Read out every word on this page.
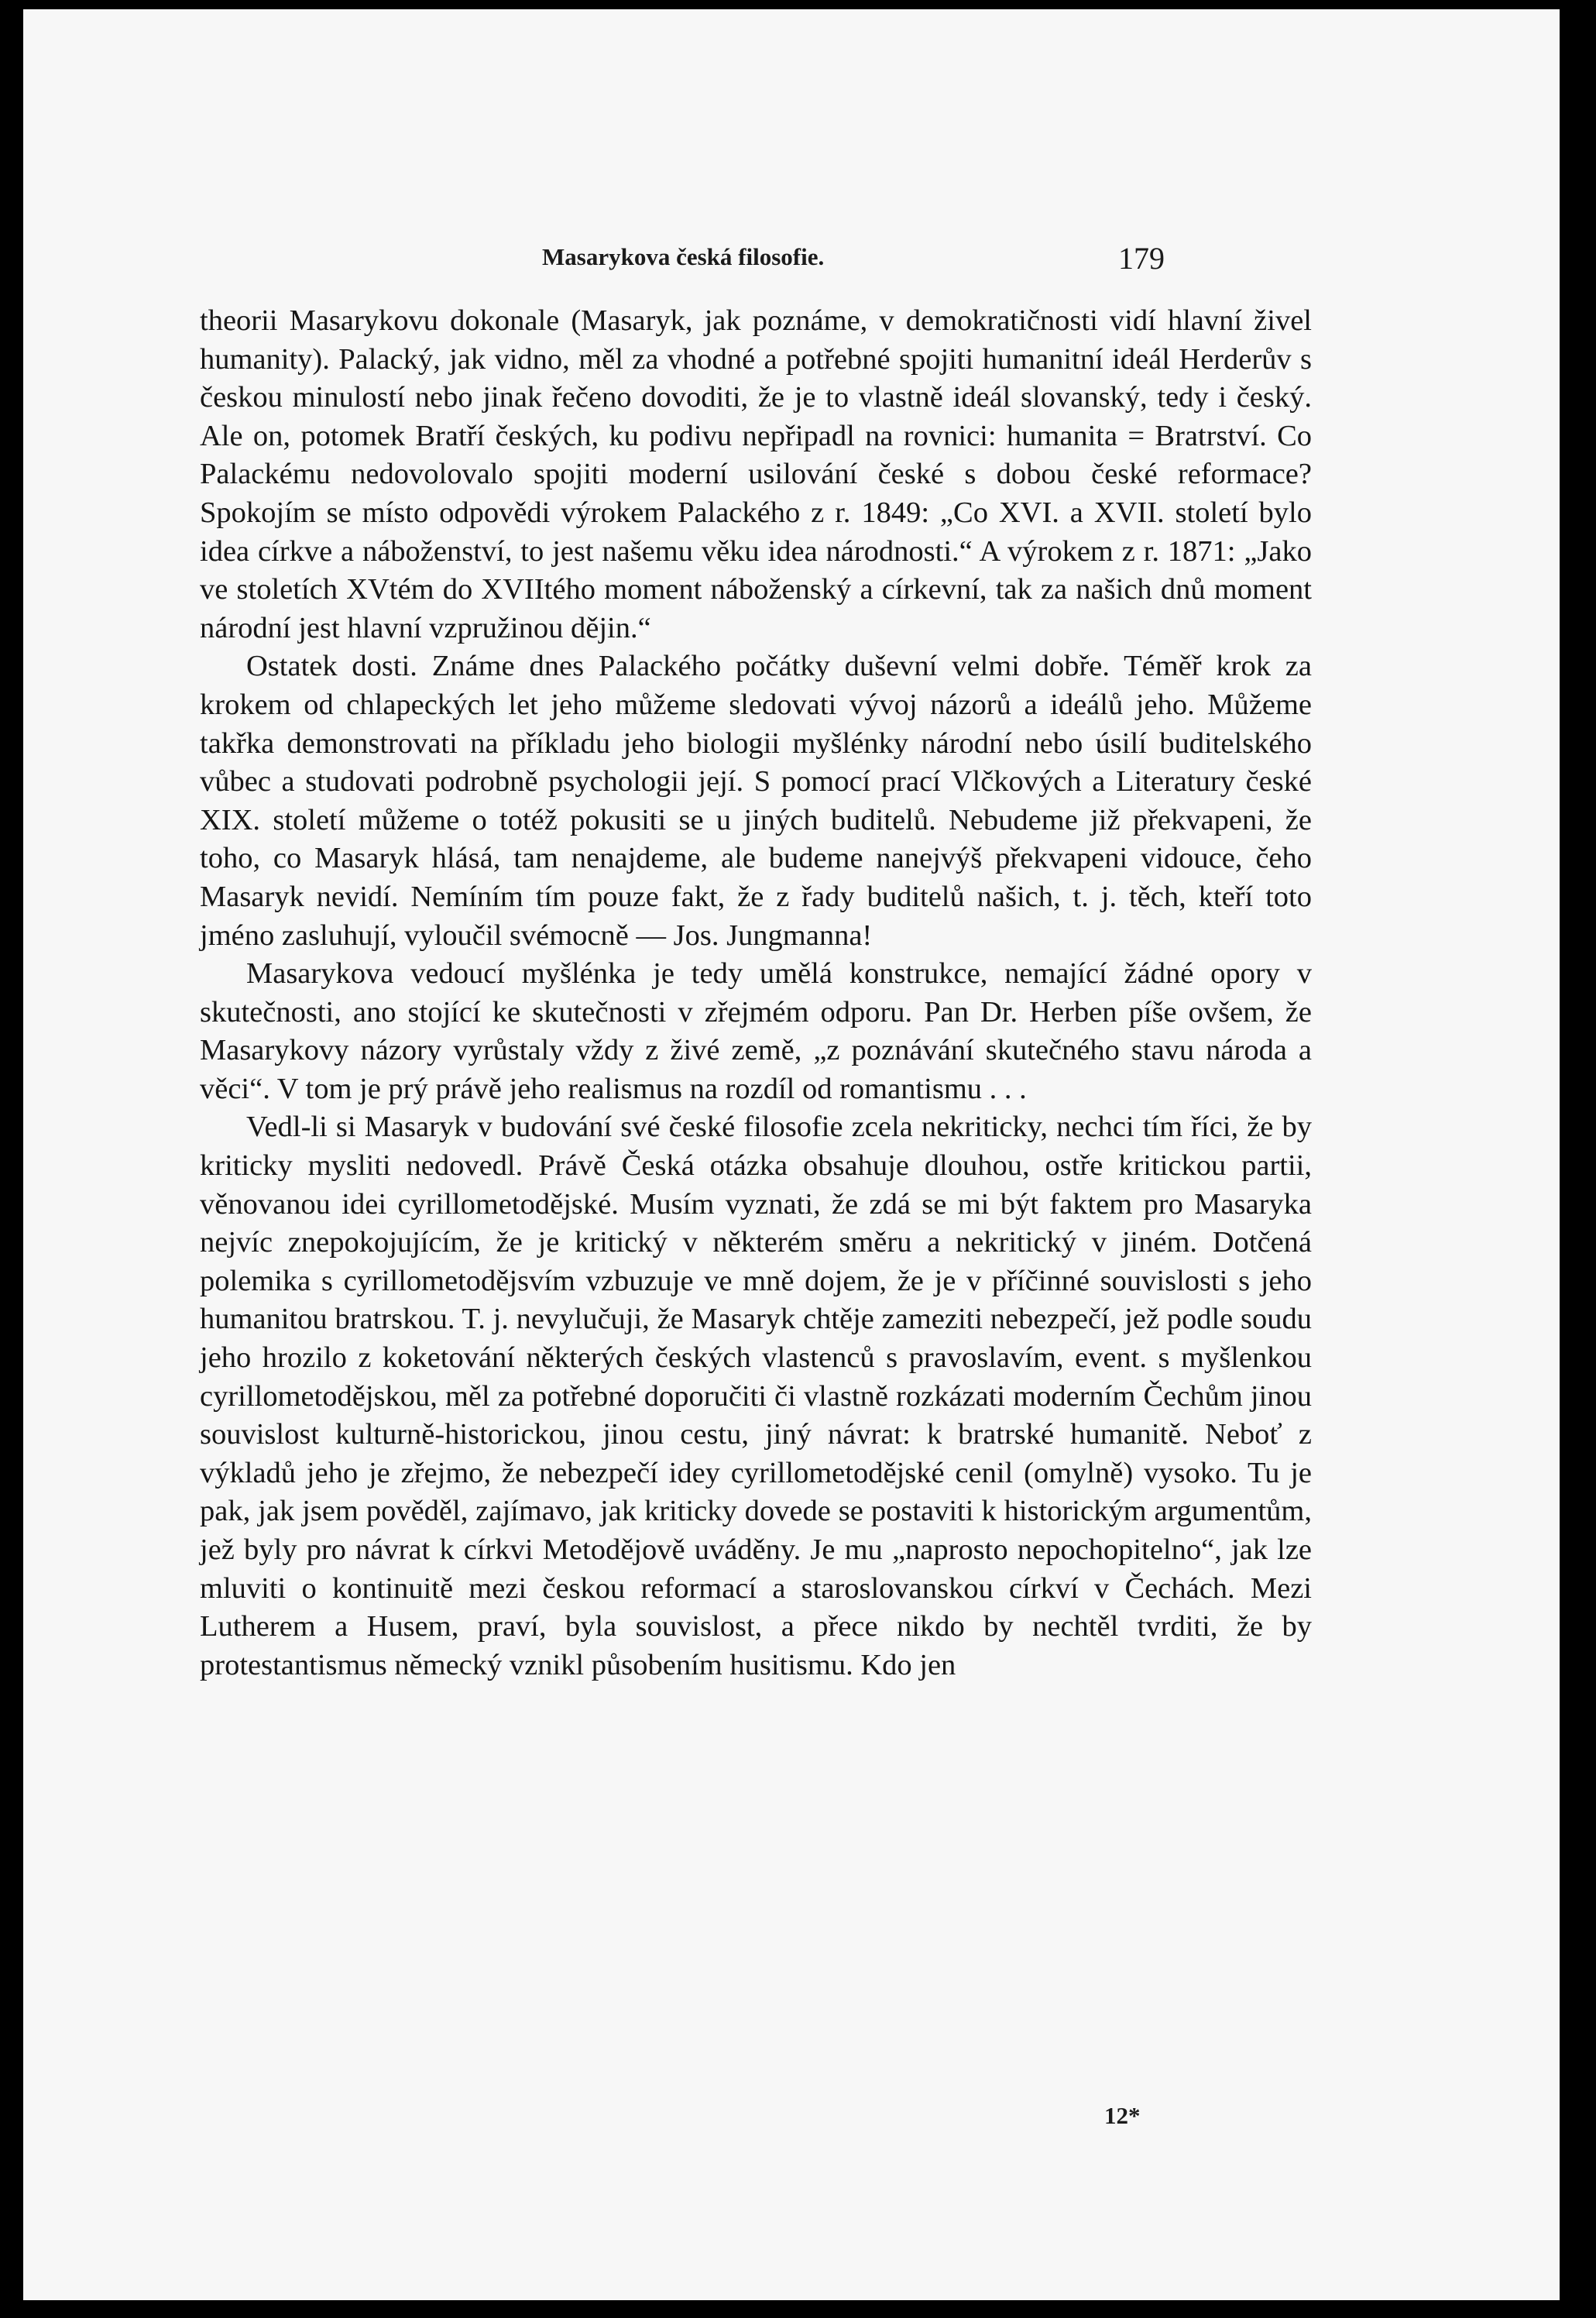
Masarykova česká filosofie.	179

theorii Masarykovu dokonale (Masaryk, jak poznáme, v demokratičnosti vidí hlavní živel humanity). Palacký, jak vidno, měl za vhodné a potřebné spojiti humanitní ideál Herderův s českou minulostí nebo jinak řečeno dovoditi, že je to vlastně ideál slovanský, tedy i český. Ale on, potomek Bratří českých, ku podivu nepřipadl na rovnici: humanita = Bratrství. Co Palackému nedovolovalo spojiti moderní usilování české s dobou české reformace? Spokojím se místo odpovědi výrokem Palackého z r. 1849: „Co XVI. a XVII. století bylo idea církve a náboženství, to jest našemu věku idea národnosti.“ A výrokem z r. 1871: „Jako ve stoletích XVtém do XVIItého moment náboženský a církevní, tak za našich dnů moment národní jest hlavní vzpružinou dějin.“

Ostatek dosti. Známe dnes Palackého počátky duševní velmi dobře. Téměř krok za krokem od chlapeckých let jeho můžeme sledovati vývoj názorů a ideálů jeho. Můžeme takřka demonstrovati na příkladu jeho biologii myšlénky národní nebo úsilí buditelského vůbec a studovati podrobně psychologii její. S pomocí prací Vlčkových a Literatury české XIX. století můžeme o totéž pokusiti se u jiných buditelů. Nebudeme již překvapeni, že toho, co Masaryk hlásá, tam nenajdeme, ale budeme nanejvýš překvapeni vidouce, čeho Masaryk nevidí. Nemíním tím pouze fakt, že z řady buditelů našich, t. j. těch, kteří toto jméno zasluhují, vyloučil svémocně — Jos. Jungmanna!

Masarykova vedoucí myšlénka je tedy umělá konstrukce, nemající žádné opory v skutečnosti, ano stojící ke skutečnosti v zřejmém odporu. Pan Dr. Herben píše ovšem, že Masarykovy názory vyrůstaly vždy z živé země, „z poznávání skutečného stavu národa a věci“. V tom je prý právě jeho realismus na rozdíl od romantismu . . .

Vedl-li si Masaryk v budování své české filosofie zcela nekriticky, nechci tím říci, že by kriticky mysliti nedovedl. Právě Česká otázka obsahuje dlouhou, ostře kritickou partii, věnovanou idei cyrillometodějské. Musím vyznati, že zdá se mi být faktem pro Masaryka nejvíc znepokojujícím, že je kritický v některém směru a nekritický v jiném. Dotčená polemika s cyrillometodějsvím vzbuzuje ve mně dojem, že je v příčinné souvislosti s jeho humanitou bratrskou. T. j. nevylučuji, že Masaryk chtěje zameziti nebezpečí, jež podle soudu jeho hrozilo z koketování některých českých vlastenců s pravoslavím, event. s myšlenkou cyrillometodějskou, měl za potřebné doporučiti či vlastně rozkázati moderním Čechům jinou souvislost kulturně-historickou, jinou cestu, jiný návrat: k bratrské humanitě. Neboť z výkladů jeho je zřejmo, že nebezpečí idey cyrillometodějské cenil (omylně) vysoko. Tu je pak, jak jsem pověděl, zajímavo, jak kriticky dovede se postaviti k historickým argumentům, jež byly pro návrat k církvi Metodějově uváděny. Je mu „naprosto nepochopitelno“, jak lze mluviti o kontinuitě mezi českou reformací a staroslovanskou církví v Čechách. Mezi Lutherem a Husem, praví, byla souvislost, a přece nikdo by nechtěl tvrditi, že by protestantismus německý vznikl působením husitismu. Kdo jen

12*
